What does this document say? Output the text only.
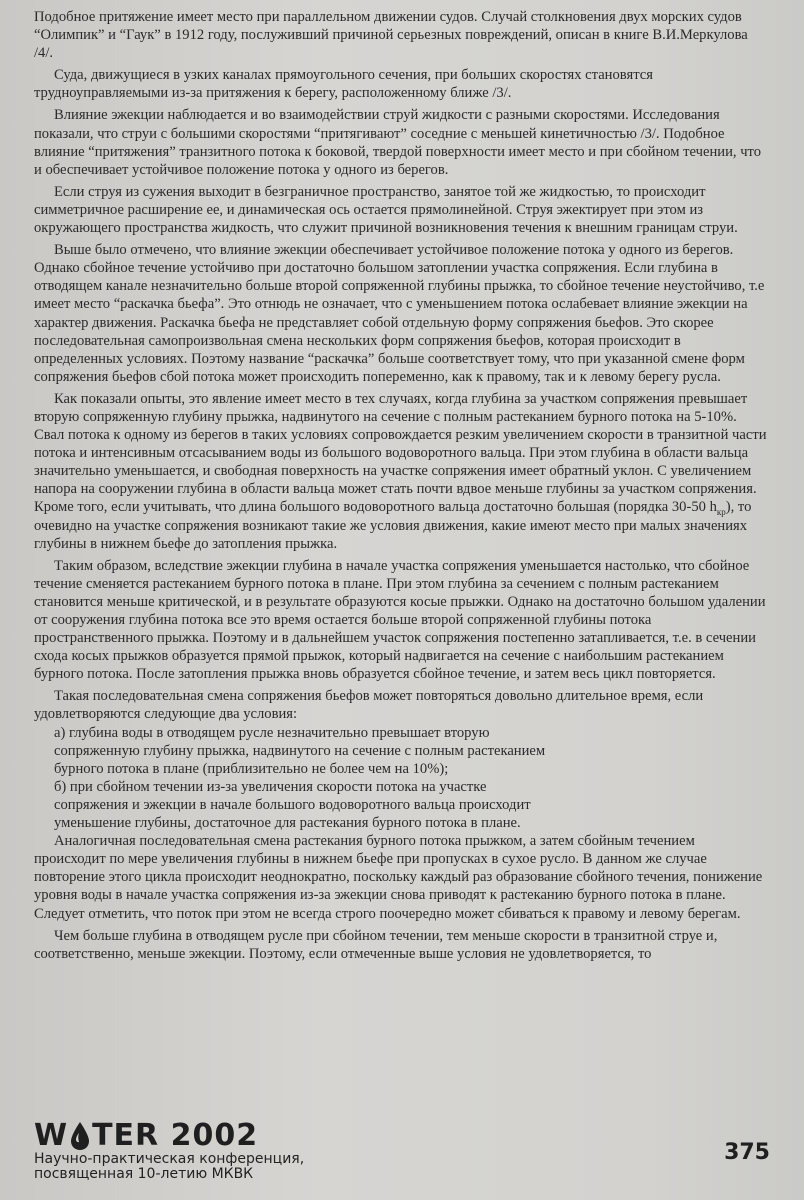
Подобное притяжение имеет место при параллельном движении судов. Случай столкновения двух морских судов “Олимпик” и “Гаук” в 1912 году, послуживший причиной серьезных повреждений, описан в книге В.И.Меркулова /4/.

Суда, движущиеся в узких каналах прямоугольного сечения, при больших скоростях становятся трудноуправляемыми из-за притяжения к берегу, расположенному ближе /3/.

Влияние эжекции наблюдается и во взаимодействии струй жидкости с разными скоростями. Исследования показали, что струи с большими скоростями “притягивают” соседние с меньшей кинетичностью /3/. Подобное влияние “притяжения” транзитного потока к боковой, твердой поверхности имеет место и при сбойном течении, что и обеспечивает устойчивое положение потока у одного из берегов.

Если струя из сужения выходит в безграничное пространство, занятое той же жидкостью, то происходит симметричное расширение ее, и динамическая ось остается прямолинейной. Струя эжектирует при этом из окружающего пространства жидкость, что служит причиной возникновения течения к внешним границам струи.

Выше было отмечено, что влияние эжекции обеспечивает устойчивое положение потока у одного из берегов. Однако сбойное течение устойчиво при достаточно большом затоплении участка сопряжения. Если глубина в отводящем канале незначительно больше второй сопряженной глубины прыжка, то сбойное течение неустойчиво, т.е имеет место “раскачка бьефа”. Это отнюдь не означает, что с уменьшением потока ослабевает влияние эжекции на характер движения. Раскачка бьефа не представляет собой отдельную форму сопряжения бьефов. Это скорее последовательная самопроизвольная смена нескольких форм сопряжения бьефов, которая происходит в определенных условиях. Поэтому название “раскачка” больше соответствует тому, что при указанной смене форм сопряжения бьефов сбой потока может происходить попеременно, как к правому, так и к левому берегу русла.

Как показали опыты, это явление имеет место в тех случаях, когда глубина за участком сопряжения превышает вторую сопряженную глубину прыжка, надвинутого на сечение с полным растеканием бурного потока на 5-10%. Свал потока к одному из берегов в таких условиях сопровождается резким увеличением скорости в транзитной части потока и интенсивным отсасыванием воды из большого водоворотного вальца. При этом глубина в области вальца значительно уменьшается, и свободная поверхность на участке сопряжения имеет обратный уклон. С увеличением напора на сооружении глубина в области вальца может стать почти вдвое меньше глубины за участком сопряжения. Кроме того, если учитывать, что длина большого водоворотного вальца достаточно большая (порядка 30-50 $h_{кр}$), то очевидно на участке сопряжения возникают такие же условия движения, какие имеют место при малых значениях глубины в нижнем бьефе до затопления прыжка.

Таким образом, вследствие эжекции глубина в начале участка сопряжения уменьшается настолько, что сбойное течение сменяется растеканием бурного потока в плане. При этом глубина за сечением с полным растеканием становится меньше критической, и в результате образуются косые прыжки. Однако на достаточно большом удалении от сооружения глубина потока все это время остается больше второй сопряженной глубины потока пространственного прыжка. Поэтому и в дальнейшем участок сопряжения постепенно затапливается, т.е. в сечении схода косых прыжков образуется прямой прыжок, который надвигается на сечение с наибольшим растеканием бурного потока. После затопления прыжка вновь образуется сбойное течение, и затем весь цикл повторяется.

Такая последовательная смена сопряжения бьефов может повторяться довольно длительное время, если удовлетворяются следующие два условия:

а) глубина воды в отводящем русле незначительно превышает вторую

сопряженную глубину прыжка, надвинутого на сечение с полным растеканием

бурного потока в плане (приблизительно не более чем на 10%);

б) при сбойном течении из-за увеличения скорости потока на участке

сопряжения и эжекции в начале большого водоворотного вальца происходит

уменьшение глубины, достаточное для растекания бурного потока в плане.

Аналогичная последовательная смена растекания бурного потока прыжком, а затем сбойным течением происходит по мере увеличения глубины в нижнем бьефе при пропусках в сухое русло. В данном же случае повторение этого цикла происходит неоднократно, поскольку каждый раз образование сбойного течения, понижение уровня воды в начале участка сопряжения из-за эжекции снова приводят к растеканию бурного потока в плане. Следует отметить, что поток при этом не всегда строго поочередно может сбиваться к правому и левому берегам.

Чем больше глубина в отводящем русле при сбойном течении, тем меньше скорости в транзитной струе и, соответственно, меньше эжекции. Поэтому, если отмеченные выше условия не удовлетворяется, то

W TER 2002
Научно-практическая конференция,
посвященная 10-летию МКВК
375
